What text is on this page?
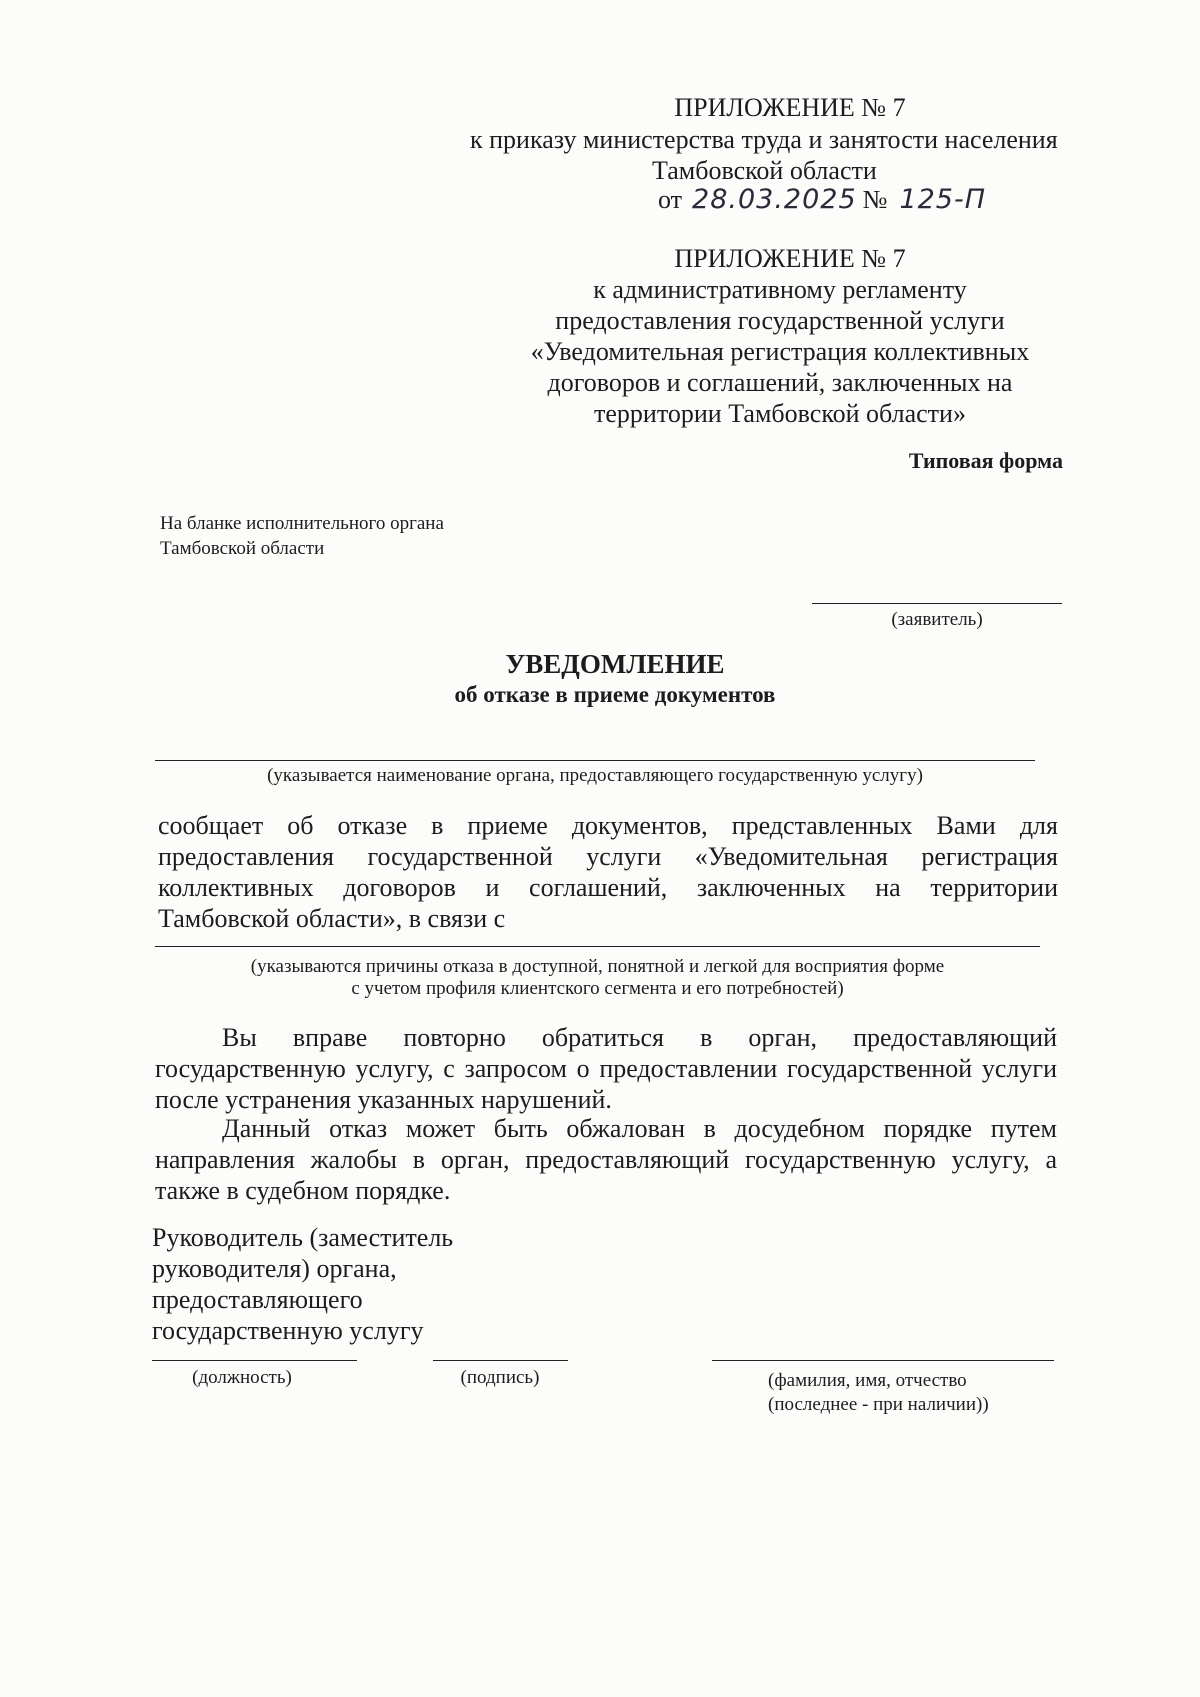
ПРИЛОЖЕНИЕ № 7
к приказу министерства труда и занятости населения
Тамбовской области
от 28.03.2025 № 125-П
ПРИЛОЖЕНИЕ № 7
к административному регламенту
предоставления государственной услуги
«Уведомительная регистрация коллективных
договоров и соглашений, заключенных на
территории Тамбовской области»
Типовая форма
На бланке исполнительного органа
Тамбовской области
(заявитель)
УВЕДОМЛЕНИЕ
об отказе в приеме документов
(указывается наименование органа, предоставляющего государственную услугу)
сообщает об отказе в приеме документов, представленных Вами для
предоставления государственной услуги «Уведомительная регистрация
коллективных договоров и соглашений, заключенных на территории
Тамбовской области», в связи с
(указываются причины отказа в доступной, понятной и легкой для восприятия форме
с учетом профиля клиентского сегмента и его потребностей)
Вы вправе повторно обратиться в орган, предоставляющий
государственную услугу, с запросом о предоставлении государственной услуги
после устранения указанных нарушений.
Данный отказ может быть обжалован в досудебном порядке путем
направления жалобы в орган, предоставляющий государственную услугу, а
также в судебном порядке.
Руководитель (заместитель
руководителя) органа,
предоставляющего
государственную услугу
(должность)	(подпись)	(фамилия, имя, отчество
(последнее - при наличии))
